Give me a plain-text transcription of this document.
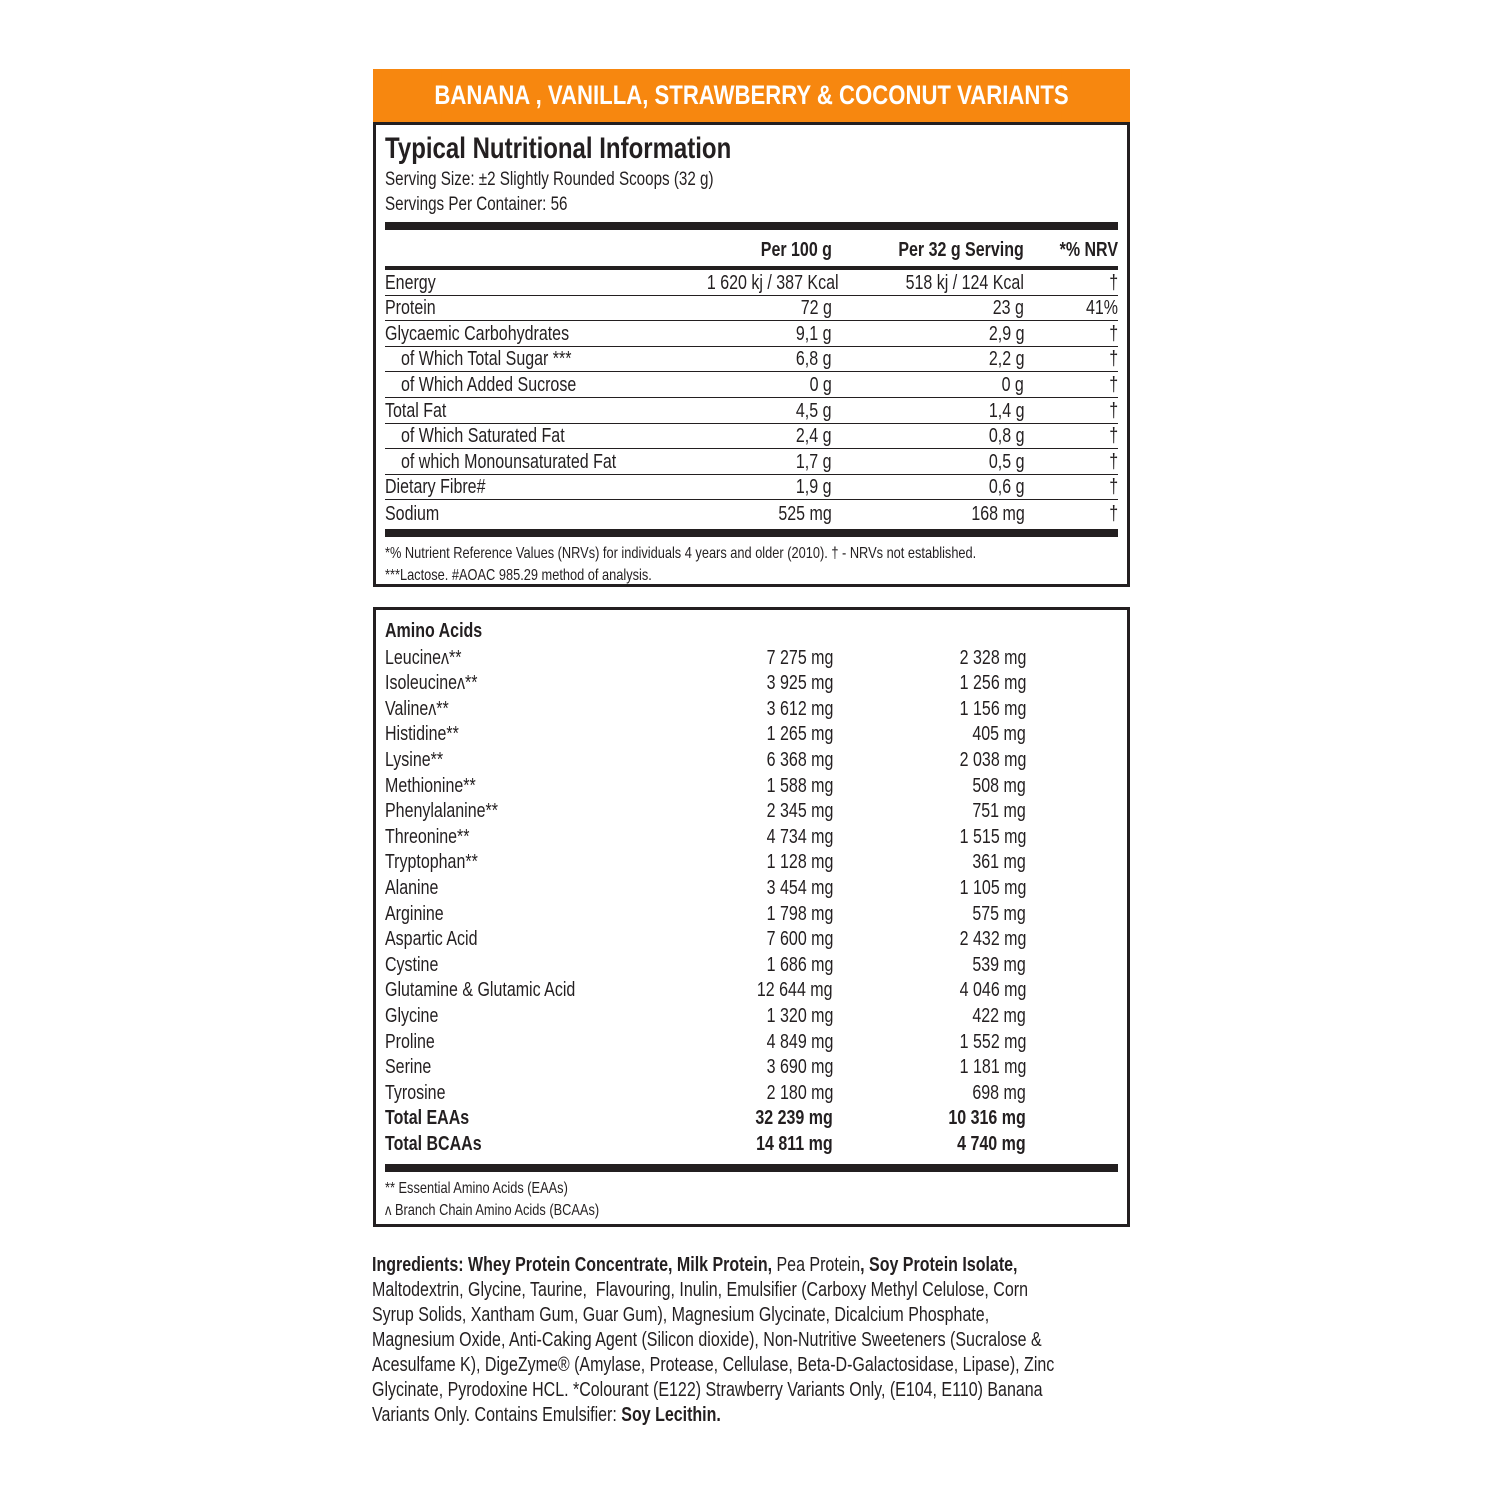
BANANA , VANILLA, STRAWBERRY & COCONUT VARIANTS
Typical Nutritional Information
Serving Size: ±2 Slightly Rounded Scoops (32 g)
Servings Per Container: 56
Per 100 g	Per 32 g Serving	*% NRV
Energy	1 620 kj / 387 Kcal	518 kj / 124 Kcal	†
Protein	72 g	23 g	41%
Glycaemic Carbohydrates	9,1 g	2,9 g	†
of Which Total Sugar ***	6,8 g	2,2 g	†
of Which Added Sucrose	0 g	0 g	†
Total Fat	4,5 g	1,4 g	†
of Which Saturated Fat	2,4 g	0,8 g	†
of which Monounsaturated Fat	1,7 g	0,5 g	†
Dietary Fibre#	1,9 g	0,6 g	†
Sodium	525 mg	168 mg	†
*% Nutrient Reference Values (NRVs) for individuals 4 years and older (2010). † - NRVs not established.
***Lactose. #AOAC 985.29 method of analysis.
Amino Acids
Leucineʌ**	7 275 mg	2 328 mg
Isoleucineʌ**	3 925 mg	1 256 mg
Valineʌ**	3 612 mg	1 156 mg
Histidine**	1 265 mg	405 mg
Lysine**	6 368 mg	2 038 mg
Methionine**	1 588 mg	508 mg
Phenylalanine**	2 345 mg	751 mg
Threonine**	4 734 mg	1 515 mg
Tryptophan**	1 128 mg	361 mg
Alanine	3 454 mg	1 105 mg
Arginine	1 798 mg	575 mg
Aspartic Acid	7 600 mg	2 432 mg
Cystine	1 686 mg	539 mg
Glutamine & Glutamic Acid	12 644 mg	4 046 mg
Glycine	1 320 mg	422 mg
Proline	4 849 mg	1 552 mg
Serine	3 690 mg	1 181 mg
Tyrosine	2 180 mg	698 mg
Total EAAs	32 239 mg	10 316 mg
Total BCAAs	14 811 mg	4 740 mg
** Essential Amino Acids (EAAs)
ʌ Branch Chain Amino Acids (BCAAs)
Ingredients: Whey Protein Concentrate, Milk Protein, Pea Protein, Soy Protein Isolate,
Maltodextrin, Glycine, Taurine,  Flavouring, Inulin, Emulsifier (Carboxy Methyl Celulose, Corn
Syrup Solids, Xantham Gum, Guar Gum), Magnesium Glycinate, Dicalcium Phosphate,
Magnesium Oxide, Anti-Caking Agent (Silicon dioxide), Non-Nutritive Sweeteners (Sucralose &
Acesulfame K), DigeZyme® (Amylase, Protease, Cellulase, Beta-D-Galactosidase, Lipase), Zinc
Glycinate, Pyrodoxine HCL. *Colourant (E122) Strawberry Variants Only, (E104, E110) Banana
Variants Only. Contains Emulsifier: Soy Lecithin.
